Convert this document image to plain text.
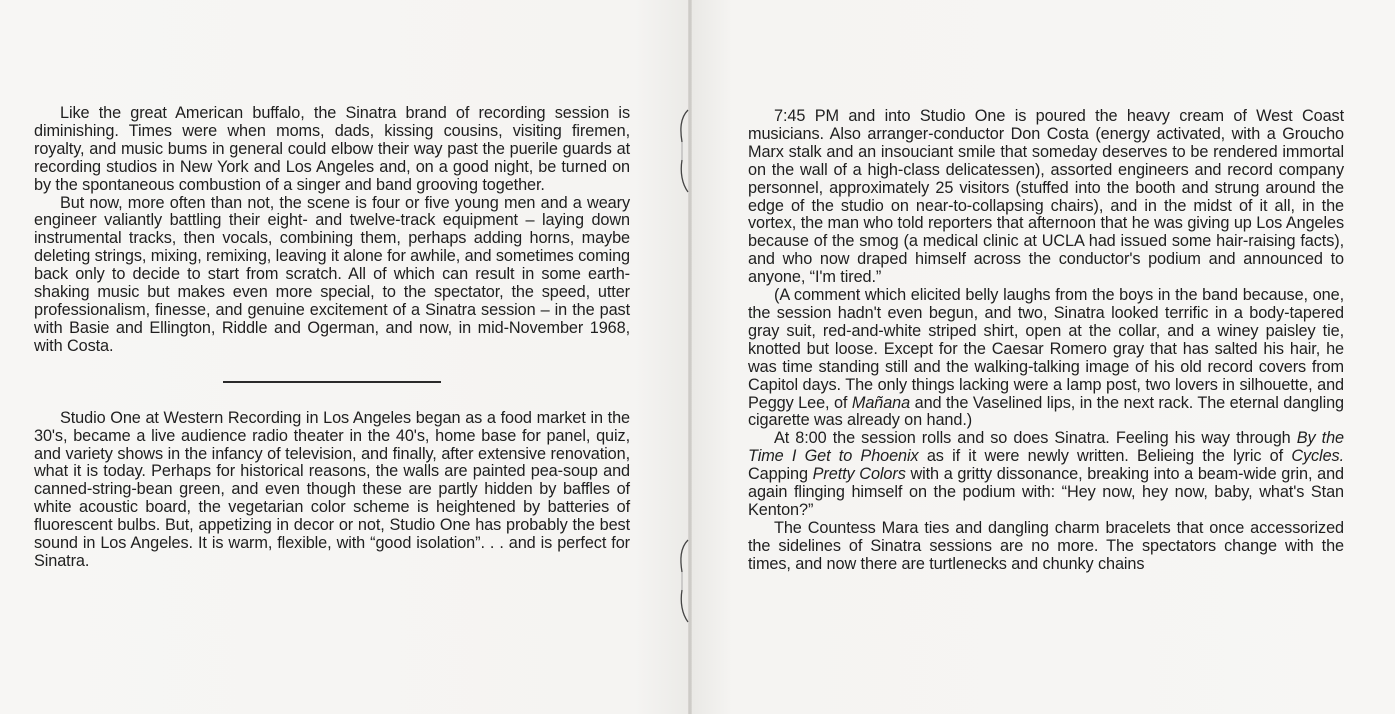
Like the great American buffalo, the Sinatra brand of recording session is diminishing. Times were when moms, dads, kissing cousins, visiting firemen, royalty, and music bums in general could elbow their way past the puerile guards at recording studios in New York and Los Angeles and, on a good night, be turned on by the spontaneous combustion of a singer and band grooving together.

But now, more often than not, the scene is four or five young men and a weary engineer valiantly battling their eight- and twelve-track equipment – laying down instrumental tracks, then vocals, combining them, perhaps adding horns, maybe deleting strings, mixing, remixing, leaving it alone for awhile, and sometimes coming back only to decide to start from scratch. All of which can result in some earth-shaking music but makes even more special, to the spectator, the speed, utter professionalism, finesse, and genuine excitement of a Sinatra session – in the past with Basie and Ellington, Riddle and Ogerman, and now, in mid-November 1968, with Costa.

Studio One at Western Recording in Los Angeles began as a food market in the 30's, became a live audience radio theater in the 40's, home base for panel, quiz, and variety shows in the infancy of television, and finally, after extensive renovation, what it is today. Perhaps for historical reasons, the walls are painted pea-soup and canned-string-bean green, and even though these are partly hidden by baffles of white acoustic board, the vegetarian color scheme is heightened by batteries of fluorescent bulbs. But, appetizing in decor or not, Studio One has probably the best sound in Los Angeles. It is warm, flexible, with “good isolation”. . . and is perfect for Sinatra.

7:45 PM and into Studio One is poured the heavy cream of West Coast musicians. Also arranger-conductor Don Costa (energy activated, with a Groucho Marx stalk and an insouciant smile that someday deserves to be rendered immortal on the wall of a high-class delicatessen), assorted engineers and record company personnel, approximately 25 visitors (stuffed into the booth and strung around the edge of the studio on near-to-collapsing chairs), and in the midst of it all, in the vortex, the man who told reporters that afternoon that he was giving up Los Angeles because of the smog (a medical clinic at UCLA had issued some hair-raising facts), and who now draped himself across the conductor's podium and announced to anyone, “I'm tired.”

(A comment which elicited belly laughs from the boys in the band because, one, the session hadn't even begun, and two, Sinatra looked terrific in a body-tapered gray suit, red-and-white striped shirt, open at the collar, and a winey paisley tie, knotted but loose. Except for the Caesar Romero gray that has salted his hair, he was time standing still and the walking-talking image of his old record covers from Capitol days. The only things lacking were a lamp post, two lovers in silhouette, and Peggy Lee, of Mañana and the Vaselined lips, in the next rack. The eternal dangling cigarette was already on hand.)

At 8:00 the session rolls and so does Sinatra. Feeling his way through By the Time I Get to Phoenix as if it were newly written. Belieing the lyric of Cycles. Capping Pretty Colors with a gritty dissonance, breaking into a beam-wide grin, and again flinging himself on the podium with: “Hey now, hey now, baby, what's Stan Kenton?”

The Countess Mara ties and dangling charm bracelets that once accessorized the sidelines of Sinatra sessions are no more. The spectators change with the times, and now there are turtlenecks and chunky chains
